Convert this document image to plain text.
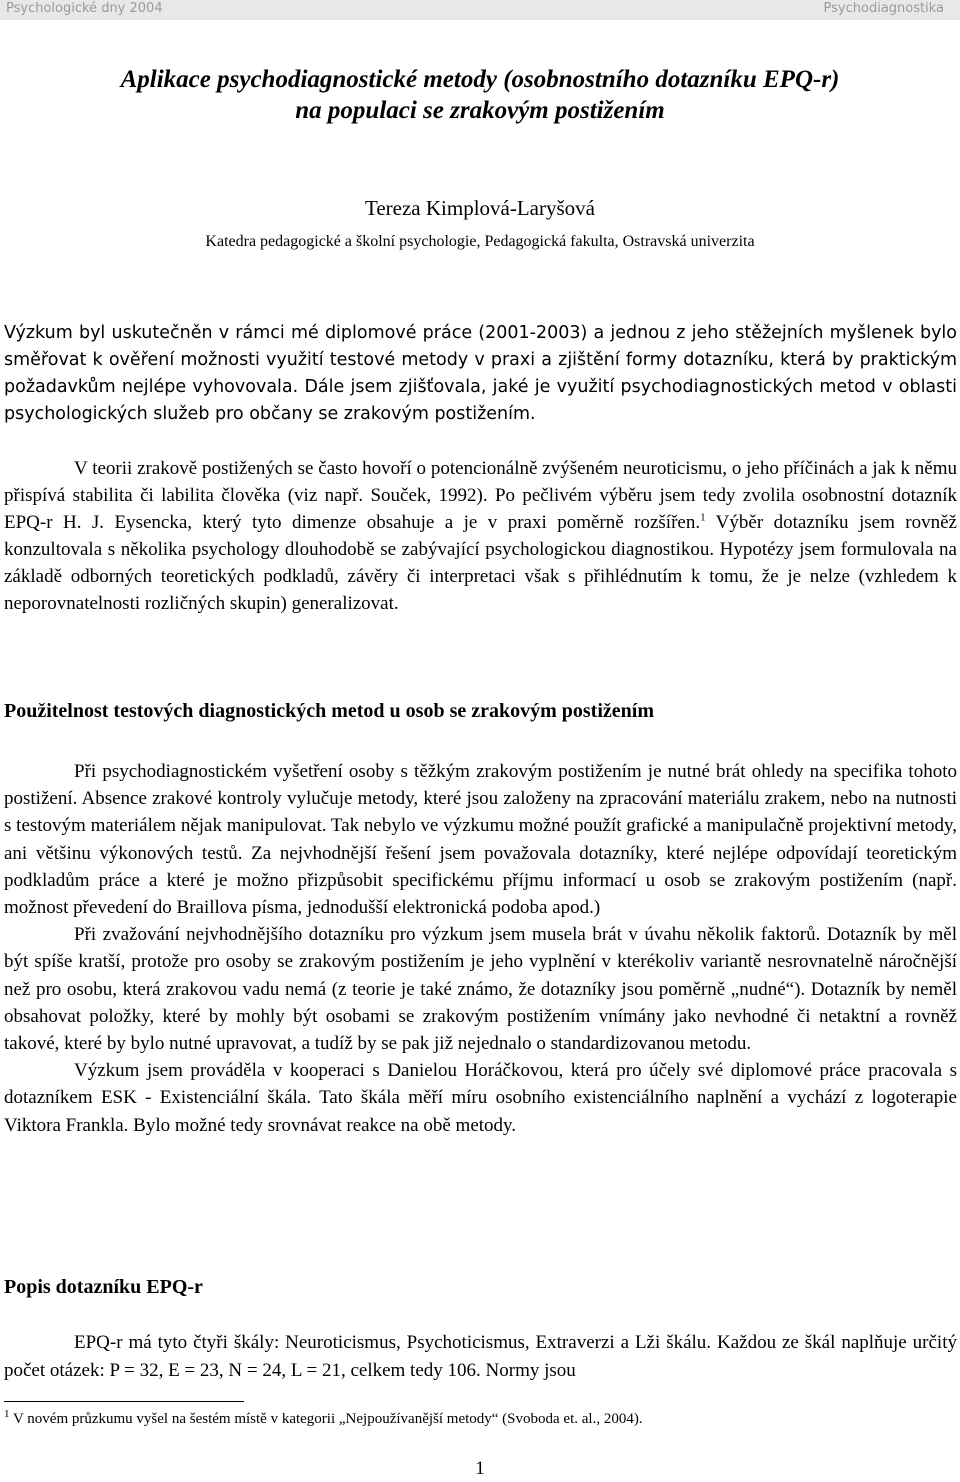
Psychologické dny 2004	Psychodiagnostika
Aplikace psychodiagnostické metody (osobnostního dotazníku EPQ-r)
na populaci se zrakovým postižením
Tereza Kimplová-Laryšová
Katedra pedagogické a školní psychologie, Pedagogická fakulta, Ostravská univerzita

Výzkum byl uskutečněn v rámci mé diplomové práce (2001-2003) a jednou z jeho stěžejních myšlenek bylo směřovat k ověření možnosti využití testové metody v praxi a zjištění formy dotazníku, která by praktickým požadavkům nejlépe vyhovovala. Dále jsem zjišťovala, jaké je využití psychodiagnostických metod v oblasti psychologických služeb pro občany se zrakovým postižením.

V teorii zrakově postižených se často hovoří o potencionálně zvýšeném neuroticismu, o jeho příčinách a jak k němu přispívá stabilita či labilita člověka (viz např. Souček, 1992). Po pečlivém výběru jsem tedy zvolila osobnostní dotazník EPQ-r H. J. Eysencka, který tyto dimenze obsahuje a je v praxi poměrně rozšířen.$^1$ Výběr dotazníku jsem rovněž konzultovala s několika psychology dlouhodobě se zabývající psychologickou diagnostikou. Hypotézy jsem formulovala na základě odborných teoretických podkladů, závěry či interpretaci však s přihlédnutím k tomu, že je nelze (vzhledem k neporovnatelnosti rozličných skupin) generalizovat.

Použitelnost testových diagnostických metod u osob se zrakovým postižením

Při psychodiagnostickém vyšetření osoby s těžkým zrakovým postižením je nutné brát ohledy na specifika tohoto postižení. Absence zrakové kontroly vylučuje metody, které jsou založeny na zpracování materiálu zrakem, nebo na nutnosti s testovým materiálem nějak manipulovat. Tak nebylo ve výzkumu možné použít grafické a manipulačně projektivní metody, ani většinu výkonových testů. Za nejvhodnější řešení jsem považovala dotazníky, které nejlépe odpovídají teoretickým podkladům práce a které je možno přizpůsobit specifickému příjmu informací u osob se zrakovým postižením (např. možnost převedení do Braillova písma, jednodušší elektronická podoba apod.)

Při zvažování nejvhodnějšího dotazníku pro výzkum jsem musela brát v úvahu několik faktorů. Dotazník by měl být spíše kratší, protože pro osoby se zrakovým postižením je jeho vyplnění v kterékoliv variantě nesrovnatelně náročnější než pro osobu, která zrakovou vadu nemá (z teorie je také známo, že dotazníky jsou poměrně „nudné“). Dotazník by neměl obsahovat položky, které by mohly být osobami se zrakovým postižením vnímány jako nevhodné či netaktní a rovněž takové, které by bylo nutné upravovat, a tudíž by se pak již nejednalo o standardizovanou metodu.

Výzkum jsem prováděla v kooperaci s Danielou Horáčkovou, která pro účely své diplomové práce pracovala s dotazníkem ESK - Existenciální škála. Tato škála měří míru osobního existenciálního naplnění a vychází z logoterapie Viktora Frankla. Bylo možné tedy srovnávat reakce na obě metody.

Popis dotazníku EPQ-r

EPQ-r má tyto čtyři škály: Neuroticismus, Psychoticismus, Extraverzi a Lži škálu. Každou ze škál naplňuje určitý počet otázek: P = 32, E = 23, N = 24, L = 21, celkem tedy 106. Normy jsou

$^1$ V novém průzkumu vyšel na šestém místě v kategorii „Nejpoužívanější metody“ (Svoboda et. al., 2004).
1
